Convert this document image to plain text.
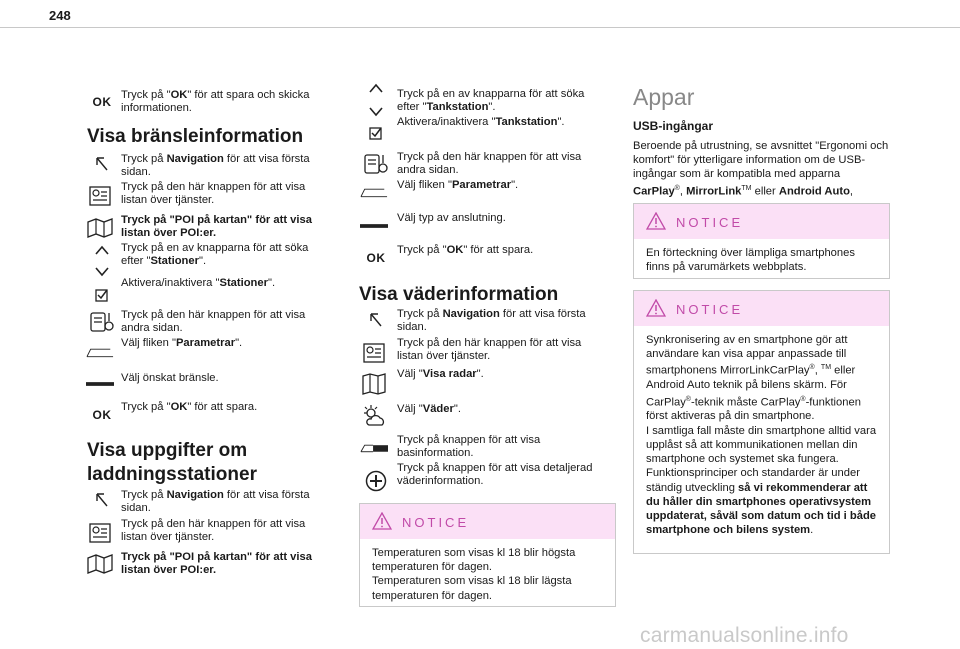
248
OK Tryck på "OK" för att spara och skicka informationen.
Visa bränsleinformation
Tryck på Navigation för att visa första sidan.
Tryck på den här knappen för att visa listan över tjänster.
Tryck på "POI på kartan" för att visa listan över POI:er.
Tryck på en av knapparna för att söka efter "Stationer".
Aktivera/inaktivera "Stationer".
Tryck på den här knappen för att visa andra sidan.
Välj fliken "Parametrar".
Välj önskat bränsle.
OK
Tryck på "OK" för att spara.
Visa uppgifter om
laddningsstationer
Tryck på Navigation för att visa första sidan.
Tryck på den här knappen för att visa listan över tjänster.
Tryck på "POI på kartan" för att visa listan över POI:er.
Tryck på en av knapparna för att söka efter "Tankstation".
Aktivera/inaktivera "Tankstation".
Tryck på den här knappen för att visa andra sidan.
Välj fliken "Parametrar".
Välj typ av anslutning.
OK
Tryck på "OK" för att spara.
Visa väderinformation
Tryck på Navigation för att visa första sidan.
Tryck på den här knappen för att visa listan över tjänster.
Välj "Visa radar".
Välj "Väder".
Tryck på knappen för att visa basinformation.
Tryck på knappen för att visa detaljerad väderinformation.
NOTICE
Temperaturen som visas kl 18 blir högsta temperaturen för dagen.
Temperaturen som visas kl 18 blir lägsta temperaturen för dagen.
Appar
USB-ingångar
Beroende på utrustning, se avsnittet "Ergonomi och komfort" för ytterligare information om de USB-ingångar som är kompatibla med apparna CarPlay®, MirrorLink™ eller Android Auto,
NOTICE
En förteckning över lämpliga smartphones finns på varumärkets webbplats.
NOTICE
Synkronisering av en smartphone gör att användare kan visa appar anpassade till smartphonens MirrorLinkCarPlay®, ™ eller Android Auto teknik på bilens skärm. För CarPlay®-teknik måste CarPlay®-funktionen först aktiveras på din smartphone.
I samtliga fall måste din smartphone alltid vara upplåst så att kommunikationen mellan din smartphone och systemet ska fungera. Funktionsprinciper och standarder är under ständig utveckling så vi rekommenderar att du håller din smartphones operativsystem uppdaterat, såväl som datum och tid i både smartphone och bilens system.
carmanualsonline.info
